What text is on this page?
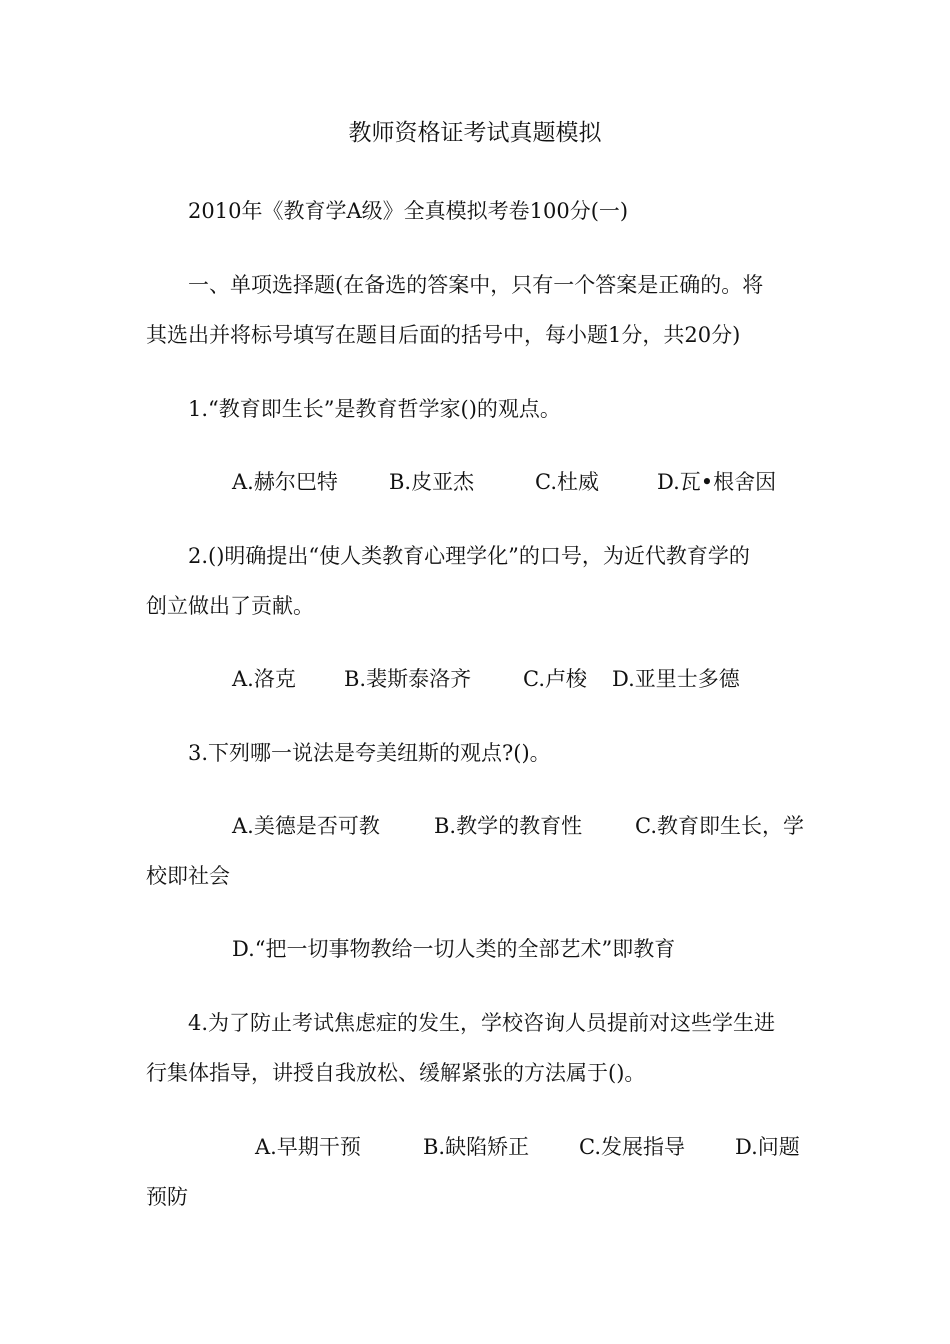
教师资格证考试真题模拟
2010年《教育学A级》全真模拟考卷100分(一)
一、单项选择题(在备选的答案中，只有一个答案是正确的。将
其选出并将标号填写在题目后面的括号中，每小题1分，共20分)
1.“教育即生长”是教育哲学家()的观点。
A.赫尔巴特 B.皮亚杰	C.杜威	D.瓦•根舍因
2.()明确提出“使人类教育心理学化”的口号，为近代教育学的
创立做出了贡献。
A.洛克 B.裴斯泰洛齐 C.卢梭 D.亚里士多德
3.下列哪一说法是夸美纽斯的观点?()。
A.美德是否可教	B.教学的教育性	C.教育即生长，学
校即社会
D.“把一切事物教给一切人类的全部艺术”即教育
4.为了防止考试焦虑症的发生，学校咨询人员提前对这些学生进
行集体指导，讲授自我放松、缓解紧张的方法属于()。
A.早期干预	B.缺陷矫正 C.发展指导 D.问题
预防
